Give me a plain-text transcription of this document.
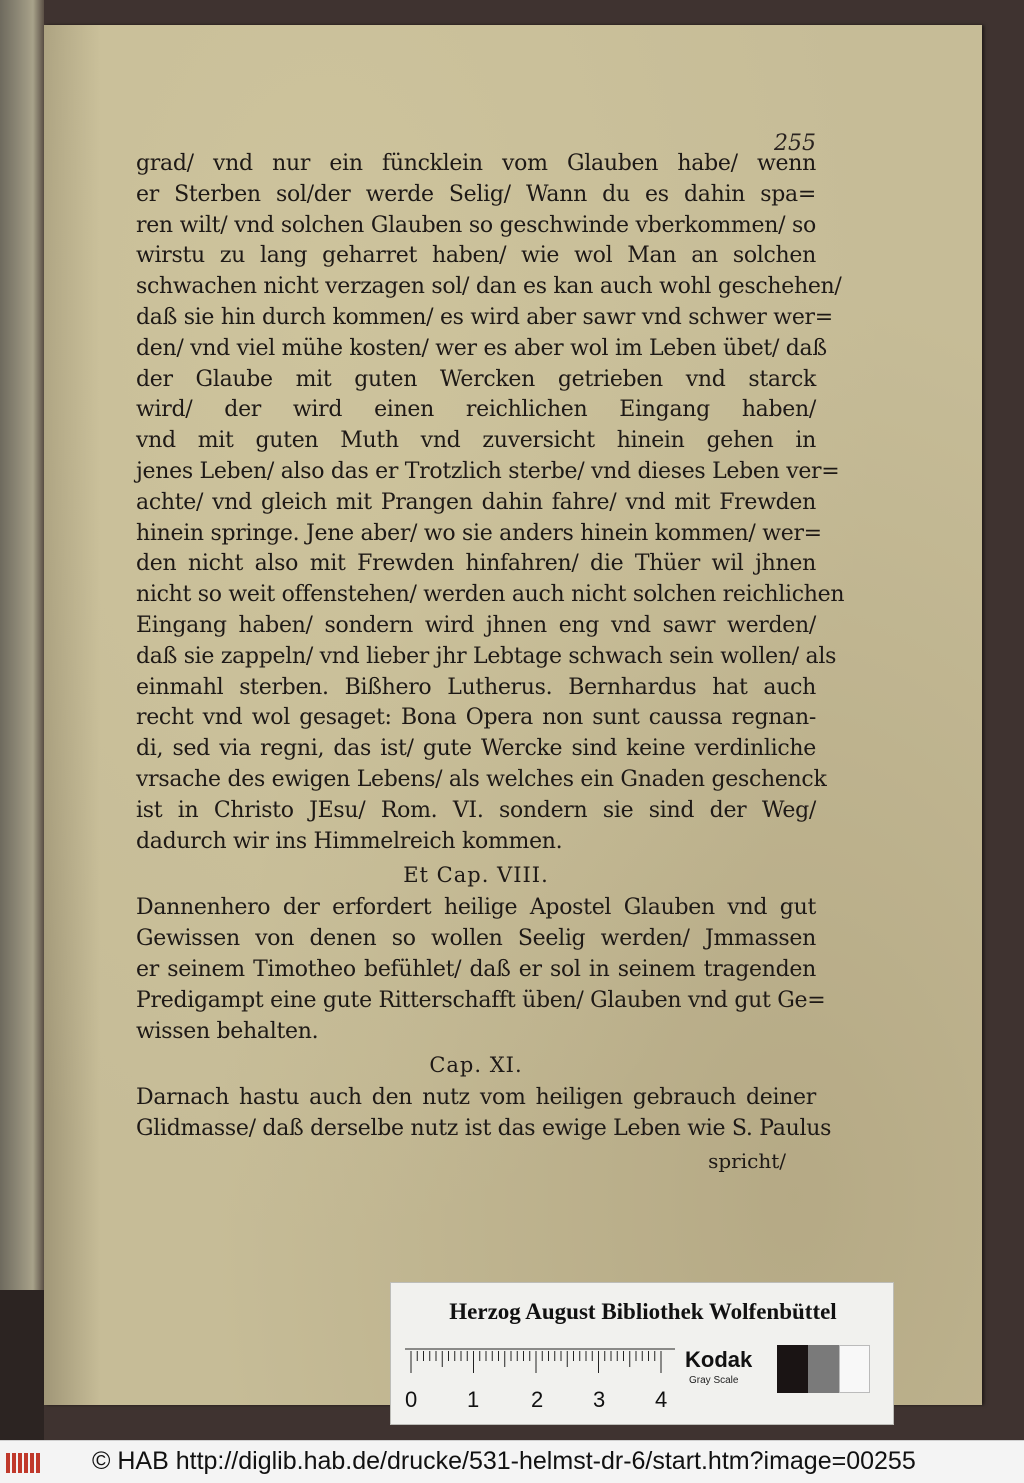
255
grad/ vnd nur ein füncklein vom Glauben habe/ wenn
er Sterben sol/der werde Selig/ Wann du es dahin spa=
ren wilt/ vnd solchen Glauben so geschwinde vberkommen/ so
wirstu zu lang geharret haben/ wie wol Man an solchen
schwachen nicht verzagen sol/ dan es kan auch wohl geschehen/
daß sie hin durch kommen/ es wird aber sawr vnd schwer wer=
den/ vnd viel mühe kosten/ wer es aber wol im Leben übet/ daß
der Glaube mit guten Wercken getrieben vnd starck
wird/ der wird einen reichlichen Eingang haben/
vnd mit guten Muth vnd zuversicht hinein gehen in
jenes Leben/ also das er Trotzlich sterbe/ vnd dieses Leben ver=
achte/ vnd gleich mit Prangen dahin fahre/ vnd mit Frewden
hinein springe. Jene aber/ wo sie anders hinein kommen/ wer=
den nicht also mit Frewden hinfahren/ die Thüer wil jhnen
nicht so weit offenstehen/ werden auch nicht solchen reichlichen
Eingang haben/ sondern wird jhnen eng vnd sawr werden/
daß sie zappeln/ vnd lieber jhr Lebtage schwach sein wollen/ als
einmahl sterben. Bißhero Lutherus. Bernhardus hat auch
recht vnd wol gesaget: Bona Opera non sunt caussa regnan-
di, sed via regni, das ist/ gute Wercke sind keine verdinliche
vrsache des ewigen Lebens/ als welches ein Gnaden geschenck
ist in Christo JEsu/ Rom. VI. sondern sie sind der Weg/
dadurch wir ins Himmelreich kommen.
Et Cap. VIII.
Dannenhero der erfordert heilige Apostel Glauben vnd gut
Gewissen von denen so wollen Seelig werden/ Jmmassen
er seinem Timotheo befühlet/ daß er sol in seinem tragenden
Predigampt eine gute Ritterschafft üben/ Glauben vnd gut Ge=
wissen behalten.
Cap. XI.
Darnach hastu auch den nutz vom heiligen gebrauch deiner
Glidmasse/ daß derselbe nutz ist das ewige Leben wie S. Paulus
spricht/
Herzog August Bibliothek Wolfenbüttel
0 1 2 3 4
Kodak
Gray Scale
© HAB http://diglib.hab.de/drucke/531-helmst-dr-6/start.htm?image=00255
